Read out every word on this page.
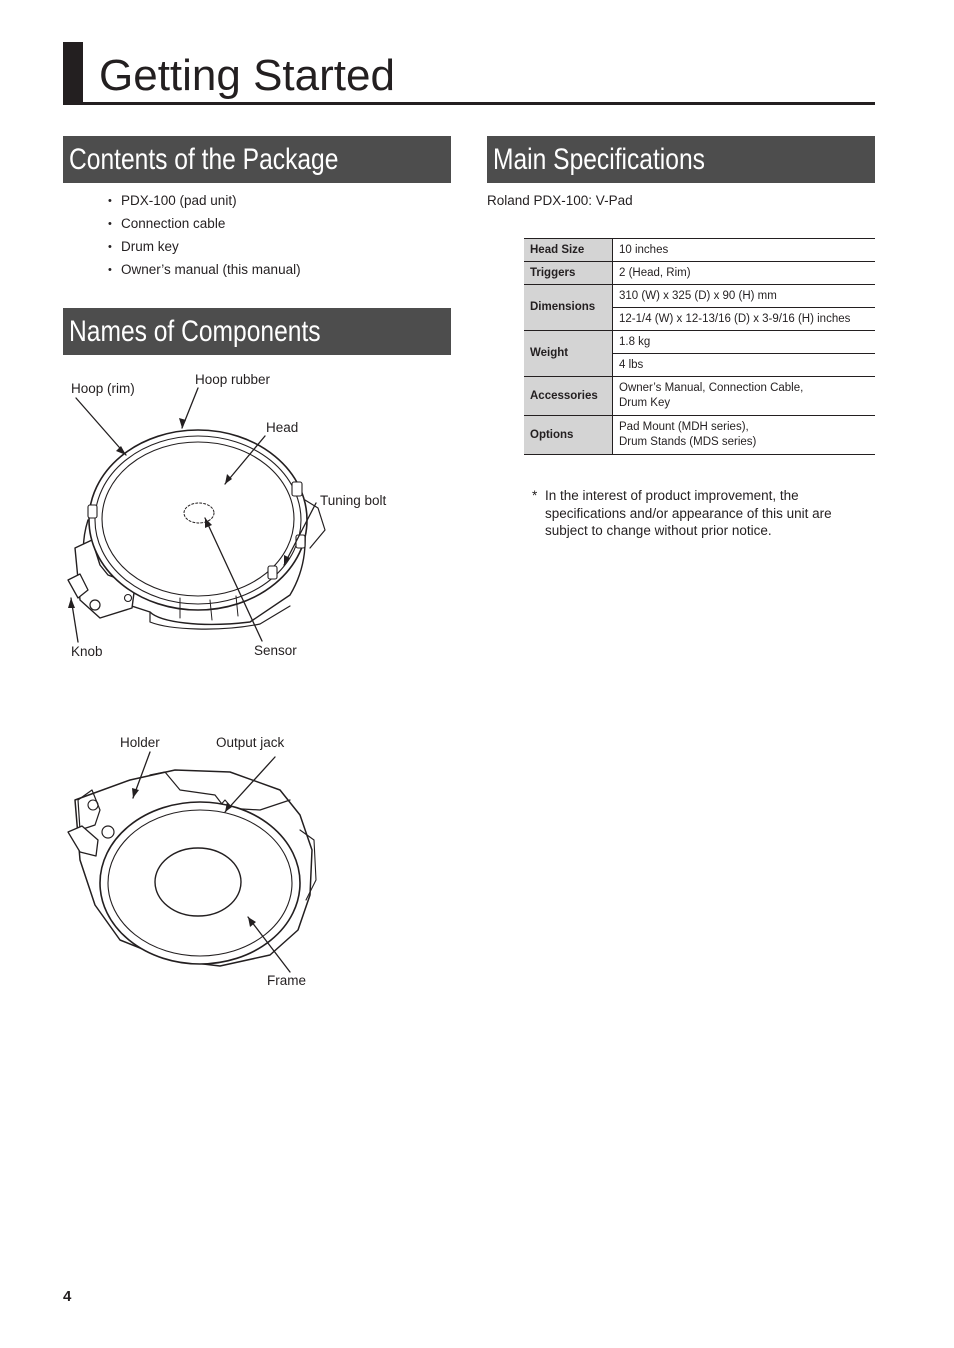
Getting Started
Contents of the Package	Main Specifications
Names of Components
• PDX-100 (pad unit)
• Connection cable
• Drum key
• Owner’s manual (this manual)
Roland PDX-100: V-Pad
Head Size	10 inches
Triggers	2 (Head, Rim)
Dimensions	310 (W) x 325 (D) x 90 (H) mm
	12-1/4 (W) x 12-13/16 (D) x 3-9/16 (H) inches
Weight	1.8 kg
	4 lbs
Accessories	Owner’s Manual, Connection Cable,
Drum Key

Options	Pad Mount (MDH series),
Drum Stands (MDS series)
* In the interest of product improvement, the specifications and/or appearance of this unit are subject to change without prior notice.
Hoop (rim)
Hoop rubber
Head
Tuning bolt
Knob	Sensor
Holder	Output jack
Frame
4
